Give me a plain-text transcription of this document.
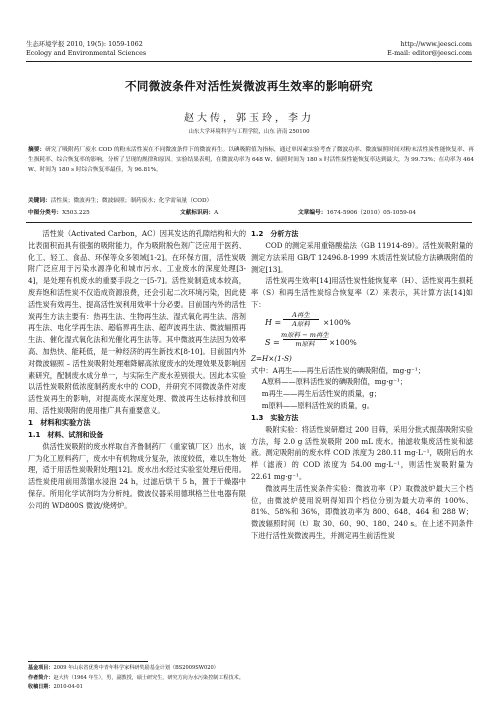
生态环境学报 2010, 19(5): 1059-1062
Ecology and Environmental Sciences
http://www.jeesci.com
E-mail: editor@jeesci.com
不同微波条件对活性炭微波再生效率的影响研究
赵大传，郭玉玲，李力
山东大学环境科学与工程学院，山东 济南 250100
摘要：研究了吸附药厂废水 COD 的粉末活性炭在不同微波条件下的微波再生。以碘吸附值为指标，通过单因素实验考查了微波功率、微波辐照时间对粉末活性炭性能恢复率、再生损耗率、综合恢复率的影响，分析了呈现的规律和原因。实验结果表明，在微波功率为 648 W、辐照时间为 180 s 时活性炭性能恢复率达到最大，为 99.73%；在功率为 464 W、时间为 180 s 时综合恢复率最佳，为 96.81%。
关键词：活性炭；微波再生；微波辐照；制药废水；化学需氧量（COD）
中图分类号：X503.225	文献标识码：A	文章编号：1674-5906（2010）05-1059-04

活性炭（Activated Carbon，AC）因其发达的孔隙结构和大的比表面积而具有很强的吸附能力，作为吸附脱色剂广泛应用于医药、化工、轻工、食品、环保等众多领域[1-2]。在环保方面，活性炭吸附广泛应用于污染水源净化和城市污水、工业废水的深度处理[3-4]，是处理有机废水的重要手段之一[5-7]。活性炭制造成本较高，废弃饱和活性炭不仅造成资源浪费，还会引起二次环境污染，因此使活性炭有效再生、提高活性炭利用效率十分必要。目前国内外的活性炭再生方法主要有：热再生法、生物再生法、湿式氧化再生法、溶剂再生法、电化学再生法、超临界再生法、超声波再生法、微波辐照再生法、催化湿式氧化法和光催化再生法等。其中微波再生法因为效率高、加热快、能耗低，是一种经济的再生新技术[8-10]。目前国内外对微波辐照 – 活性炭吸附处理难降解高浓度废水的处理效果及影响因素研究，配制废水成分单一，与实际生产废水差别很大。因此本实验以活性炭吸附低浓度制药废水中的 COD，并研究不同微波条件对废活性炭再生的影响，对提高废水深度处理、微波再生达标排放和回用、活性炭吸附的使用推广具有重要意义。

1　材料和实验方法
1.1　材料、试剂和设备

供活性炭吸附的废水样取自齐鲁制药厂（重家镇厂区）出水，该厂为化工原料药厂，废水中有机物成分复杂，浓度较低，难以生物处理，适于用活性炭吸附处理[12]。废水出水经过实验室处理后使用。活性炭使用前用蒸馏水浸泡 24 h，过滤后烘干 5 h，置于干燥器中保存。所用化学试剂均为分析纯。微波仪器采用德琪格兰仕电器有限公司的 WD800S 微波/烧烤炉。

1.2　分析方法

COD 的测定采用重铬酸盐法（GB 11914-89）。活性炭吸附量的测定方法采用 GB/T 12496.8-1999 木质活性炭试验方法碘吸附值的测定[13]。

活性炭再生效率[14]用活性炭性能恢复率（H）、活性炭再生损耗率（S）和再生活性炭综合恢复率（Z）来表示，其计算方法[14]如下：

H =
A再生
A原料	×100%
S =
m原料 − m再生
m原料	×100%

Z=H×(1-S)

式中：A再生——再生后活性炭的碘吸附值，mg·g⁻¹；

A原料——原料活性炭的碘吸附值，mg·g⁻¹；

m再生——再生后活性炭的质量，g；

m原料——原料活性炭的质量，g。

1.3　实验方法

吸附实验：将活性炭研磨过 200 目筛，采用分批式振荡吸附实验方法，每 2.0 g 活性炭吸附 200 mL 废水。抽滤收集废活性炭和滤液。测定吸附前的废水样 COD 浓度为 280.11 mg·L⁻¹，吸附后的水样（滤液）的 COD 浓度为 54.00 mg·L⁻¹，则活性炭吸附量为 22.61 mg·g⁻¹。

微波再生活性炭条件实验：微波功率（P）取微波炉最大三个档位，由微波炉使用说明得知四个档位分别为最大功率的 100%、81%、58%和 36%，即微波功率为 800、648、464 和 288 W；微波辐照时间（t）取 30、60、90、180、240 s。在上述不同条件下进行活性炭微波再生，并测定再生前活性炭

基金项目：2009 年山东省优秀中青年科学家科研奖励基金计划（BS2009SW020）
作者简介：赵大传（1964 年生），男，副教授，硕士研究生，研究方向为水污染控制工程技术。
收稿日期：2010-04-01
